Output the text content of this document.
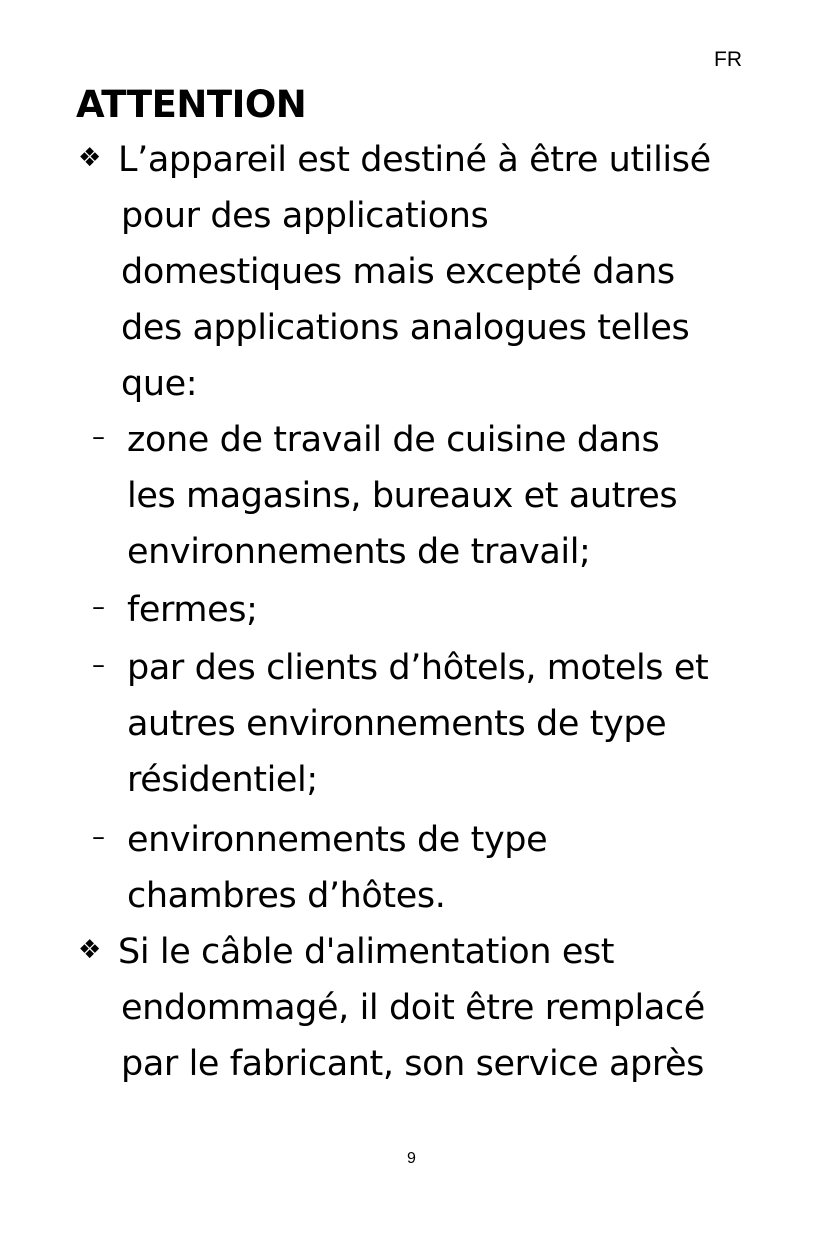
FR
ATTENTION
❖ L’appareil est destiné à être utilisé
pour des applications
domestiques mais excepté dans
des applications analogues telles
que:
– zone de travail de cuisine dans
les magasins, bureaux et autres
environnements de travail;
– fermes;
– par des clients d’hôtels, motels et
autres environnements de type
résidentiel;
– environnements de type
chambres d’hôtes.
❖ Si le câble d'alimentation est
endommagé, il doit être remplacé
par le fabricant, son service après
9
